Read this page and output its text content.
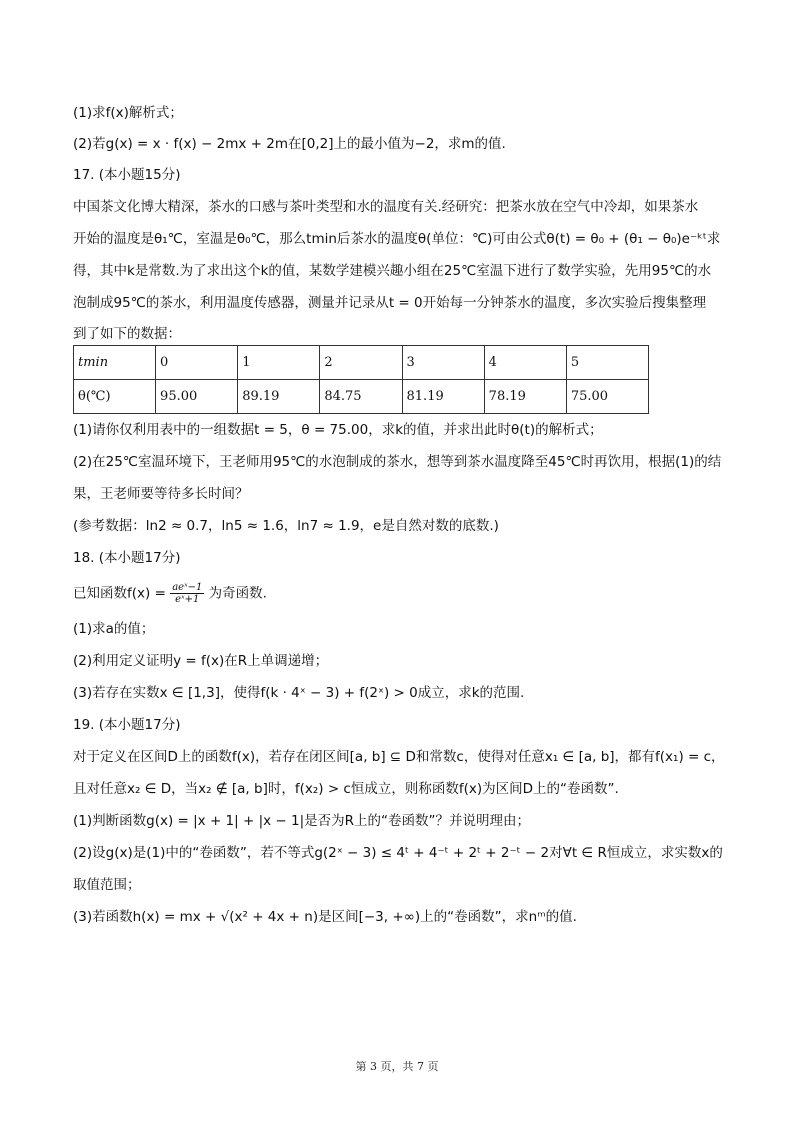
(1)求f(x)解析式；
(2)若g(x) = x · f(x) − 2mx + 2m在[0,2]上的最小值为−2，求m的值.
17. (本小题15分)
中国茶文化博大精深，茶水的口感与茶叶类型和水的温度有关.经研究：把茶水放在空气中冷却，如果茶水
开始的温度是θ₁℃，室温是θ₀℃，那么tmin后茶水的温度θ(单位：℃)可由公式θ(t) = θ₀ + (θ₁ − θ₀)e⁻ᵏᵗ求
得，其中k是常数.为了求出这个k的值，某数学建模兴趣小组在25℃室温下进行了数学实验，先用95℃的水
泡制成95℃的茶水，利用温度传感器，测量并记录从t = 0开始每一分钟茶水的温度，多次实验后搜集整理
到了如下的数据：
tmin	0	1	2	3	4	5
θ(℃)	95.00	89.19	84.75	81.19	78.19	75.00
(1)请你仅利用表中的一组数据t = 5，θ = 75.00，求k的值，并求出此时θ(t)的解析式；
(2)在25℃室温环境下，王老师用95℃的水泡制成的茶水，想等到茶水温度降至45℃时再饮用，根据(1)的结
果，王老师要等待多长时间？
(参考数据：ln2 ≈ 0.7，ln5 ≈ 1.6，ln7 ≈ 1.9，e是自然对数的底数.)
18. (本小题17分)
已知函数$f(x) = \frac{\text{aeˣ−1}}{\text{eˣ+1}}$ 为奇函数.
(1)求a的值；
(2)利用定义证明y = f(x)在R上单调递增；
(3)若存在实数x ∈ [1,3]，使得f(k · 4ˣ − 3) + f(2ˣ) > 0成立，求k的范围.
19. (本小题17分)
对于定义在区间D上的函数f(x)，若存在闭区间[a, b] ⊆ D和常数c，使得对任意x₁ ∈ [a, b]，都有f(x₁) = c，
且对任意x₂ ∈ D，当x₂ ∉ [a, b]时，f(x₂) > c恒成立，则称函数f(x)为区间D上的“卷函数”.
(1)判断函数g(x) = |x + 1| + |x − 1|是否为R上的“卷函数”？并说明理由；
(2)设g(x)是(1)中的“卷函数”，若不等式g(2ˣ − 3) ≤ 4ᵗ + 4⁻ᵗ + 2ᵗ + 2⁻ᵗ − 2对∀t ∈ R恒成立，求实数x的
取值范围；
(3)若函数h(x) = mx + √(x² + 4x + n)是区间[−3, +∞)上的“卷函数”，求nᵐ的值.
第 3 页，共 7 页
